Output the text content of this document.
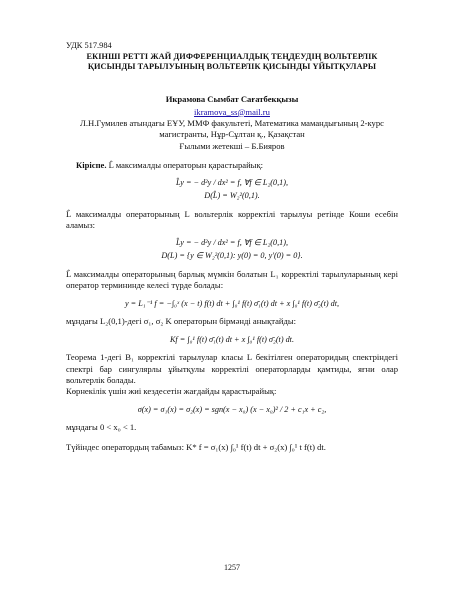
УДК 517.984
ЕКІНШІ РЕТТІ ЖАЙ ДИФФЕРЕНЦИАЛДЫҚ ТЕҢДЕУДІҢ ВОЛЬТЕРЛІК
ҚИСЫНДЫ ТАРЫЛУЫНЫҢ ВОЛЬТЕРЛІК ҚИСЫНДЫ ҮЙЫТҚУЛАРЫ
Икрамова Сымбат Сағатбекқызы
ikramova_ss@mail.ru
Л.Н.Гумилев атындағы ЕҰУ, ММФ факультеті, Математика мамандығының 2-курс
магистранты, Нұр-Сұлтан қ., Қазақстан
Ғылыми жетекші – Б.Бияров

Кіріспе. L̂ максималды операторын қарастырайық:

L̂y = − d²y / dx² = f, ∀f ∈ L₂(0,1),
D(L̂) = W₂²(0,1).

L̂ максималды операторының L вольтерлік корректілі тарылуы ретінде Коши есебін аламыз:

L̂y = − d²y / dx² = f, ∀f ∈ L₂(0,1),
D(L) = {y ∈ W₂²(0,1): y(0) = 0, y′(0) = 0}.

L̂ максималды операторының барлық мүмкін болатын L₁ корректілі тарылуларының кері оператор термининде келесі түрде болады:

y = L₁⁻¹ f = −∫₀ˣ (x − t) f(t) dt + ∫₀¹ f(t) σ̄₁(t) dt + x ∫₀¹ f(t) σ̄₂(t) dt,

мұндағы L₂(0,1)-дегі σ₁, σ₂ K операторын бірмәнді анықтайды:

Kf = ∫₀¹ f(t) σ̄₁(t) dt + x ∫₀¹ f(t) σ̄₂(t) dt.

Теорема 1-дегі B₁ корректілі тарылулар класы L бекітілген операторидың спектріндегі спектрі бар сингулярлы ұйытқулы корректілі операторларды қамтиды, яғни олар вольтерлік болады.

Көрнекілік үшін жиі кездесетін жағдайды қарастырайық:

σ(x) = σ₁(x) = σ₂(x) = sgn(x − x₀) (x − x₀)² / 2 + c₁x + c₂,

мұндағы 0 < x₀ < 1.

Түйіндес оператордың табамыз: K* f = σ₁(x) ∫₀¹ f(t) dt + σ₂(x) ∫₀¹ t f(t) dt.

1257
